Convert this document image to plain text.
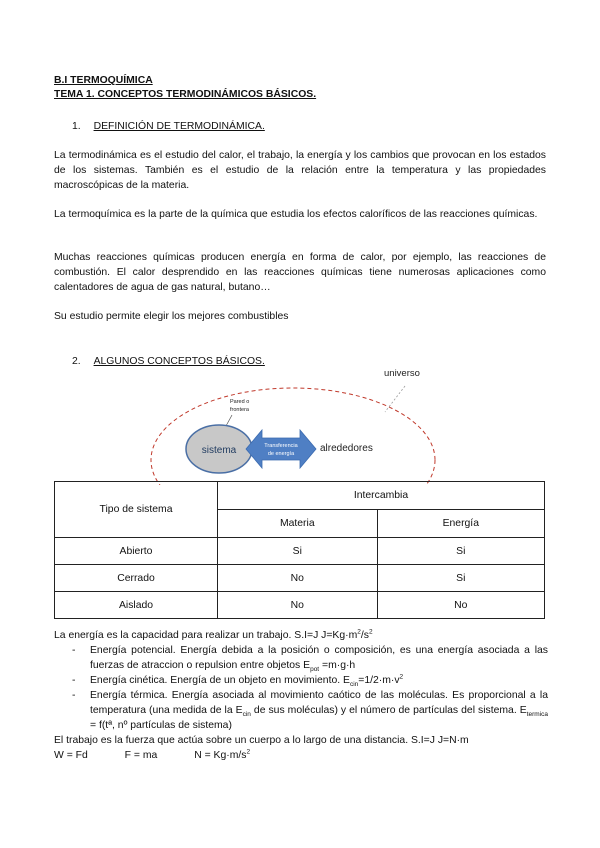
B.I TERMOQUÍMICA
TEMA 1. CONCEPTOS TERMODINÁMICOS BÁSICOS.
1. DEFINICIÓN DE TERMODINÁMICA.
La termodinámica es el estudio del calor, el trabajo, la energía y los cambios que provocan en los estados de los sistemas. También es el estudio de la relación entre la temperatura y las propiedades macroscópicas de la materia.
La termoquímica es la parte de la química que estudia los efectos caloríficos de las reacciones químicas.
Muchas reacciones químicas producen energía en forma de calor, por ejemplo, las reacciones de combustión. El calor desprendido en las reacciones químicas tiene numerosas aplicaciones como calentadores de agua de gas natural, butano…
Su estudio permite elegir los mejores combustibles
2. ALGUNOS CONCEPTOS BÁSICOS.
sistema	Transferencia
de energía	alrededores
universo
Pared o
frontera
Tipo de sistema	Intercambia	
	Materia	Energía
Abierto	Si	Si
Cerrado	No	Si
Aislado	No	No
La energía es la capacidad para realizar un trabajo. S.I=J $J=Kg\cdot m^2/s^2$
- Energía potencial. Energía debida a la posición o composición, es una energía asociada a las fuerzas de atraccion o repulsion entre objetos $E_{pot} =m\cdot g\cdot h$
- Energía cinética. Energía de un objeto en movimiento. $E_{cin}=1/2\cdot m\cdot v^2$
- Energía térmica. Energía asociada al movimiento caótico de las moléculas. Es proporcional a la temperatura (una medida de la $E_{cin}$ de sus moléculas) y el número de partículas del sistema. $E_{termica}$ = f(tª, nº partículas de sistema)
El trabajo es la fuerza que actúa sobre un cuerpo a lo largo de una distancia. S.I=J J=N·m
W = Fd	F = ma	$N = Kg\cdot m/s^2$
